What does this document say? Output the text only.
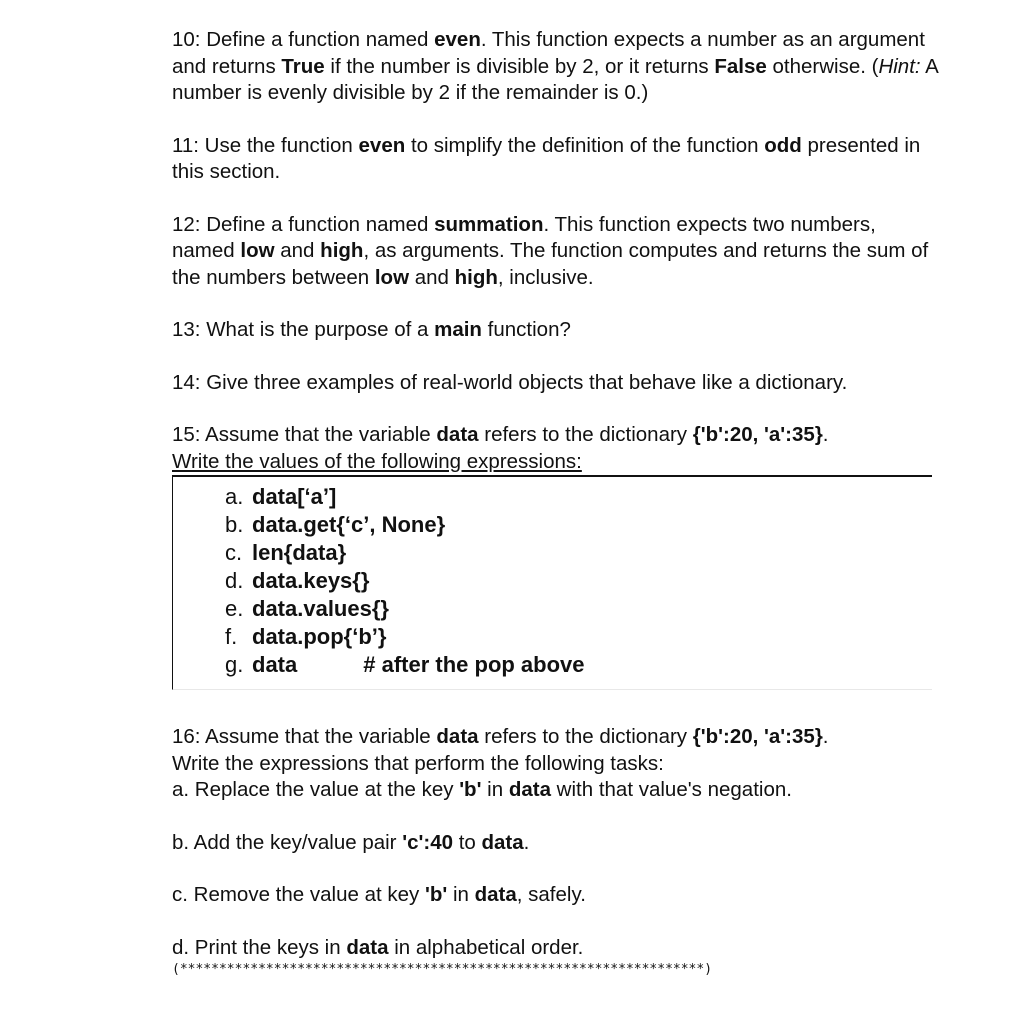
10: Define a function named even. This function expects a number as an argument and returns True if the number is divisible by 2, or it returns False otherwise. (Hint: A number is evenly divisible by 2 if the remainder is 0.)

11: Use the function even to simplify the definition of the function odd presented in this section.

12: Define a function named summation. This function expects two numbers, named low and high, as arguments. The function computes and returns the sum of the numbers between low and high, inclusive.

13: What is the purpose of a main function?

14: Give three examples of real-world objects that behave like a dictionary.

15: Assume that the variable data refers to the dictionary {'b':20, 'a':35}.

Write the values of the following expressions:

a. data[‘a’]
b. data.get{‘c’, None}
c. len{data}
d. data.keys{}
e. data.values{}
f. data.pop{‘b’}
g. data	# after the pop above

16: Assume that the variable data refers to the dictionary {'b':20, 'a':35}.

Write the expressions that perform the following tasks:

a. Replace the value at the key 'b' in data with that value's negation.

b. Add the key/value pair 'c':40 to data.

c. Remove the value at key 'b' in data, safely.

d. Print the keys in data in alphabetical order.

(*******************************************************************)
